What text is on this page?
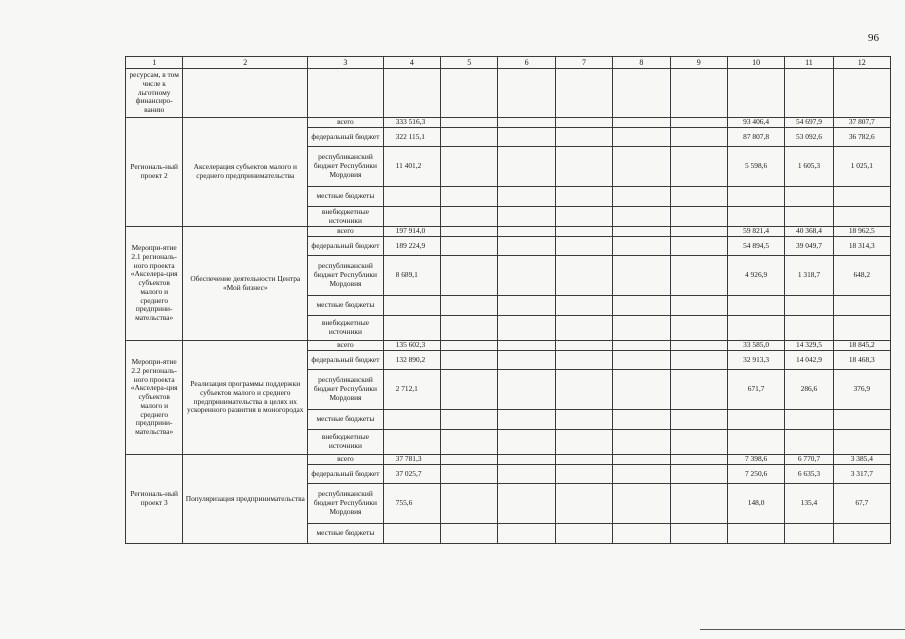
96
1	2	3	4	5	6	7	8	9	10	11	12
ресурсам, в том числе к льготному финансиро-ванию											
Региональ-ный проект 2	Акселерация субъектов малого и среднего предпринимательства	всего	333 516,3						93 406,4	54 697,9	37 807,7
		федеральный бюджет	322 115,1						87 807,8	53 092,6	36 782,6
		республиканский бюджет Республики Мордовия	11 401,2						5 598,6	1 605,3	1 025,1
		местные бюджеты									
		внебюджетные источники									
Меропри-ятие 2.1 региональ-ного проекта «Акселера-ция субъектов малого и среднего предприни-мательства»	Обеспечение деятельности Центра «Мой бизнес»	всего	197 914,0						59 821,4	40 368,4	18 962,5
		федеральный бюджет	189 224,9						54 894,5	39 049,7	18 314,3
		республиканский бюджет Республики Мордовия	8 689,1						4 926,9	1 318,7	648,2
		местные бюджеты									
		внебюджетные источники									
Меропри-ятие 2.2 региональ-ного проекта «Акселера-ция субъектов малого и среднего предприни-мательства»	Реализация программы поддержки субъектов малого и среднего предпринимательства в целях их ускоренного развития в моногородах	всего	135 602,3						33 585,0	14 329,5	18 845,2
		федеральный бюджет	132 890,2						32 913,3	14 042,9	18 468,3
		республиканский бюджет Республики Мордовия	2 712,1						671,7	286,6	376,9
		местные бюджеты									
		внебюджетные источники									
Региональ-ный проект 3	Популяризация предпринимательства	всего	37 781,3						7 398,6	6 770,7	3 385,4
		федеральный бюджет	37 025,7						7 250,6	6 635,3	3 317,7
		республиканский бюджет Республики Мордовия	755,6						148,0	135,4	67,7
		местные бюджеты									
